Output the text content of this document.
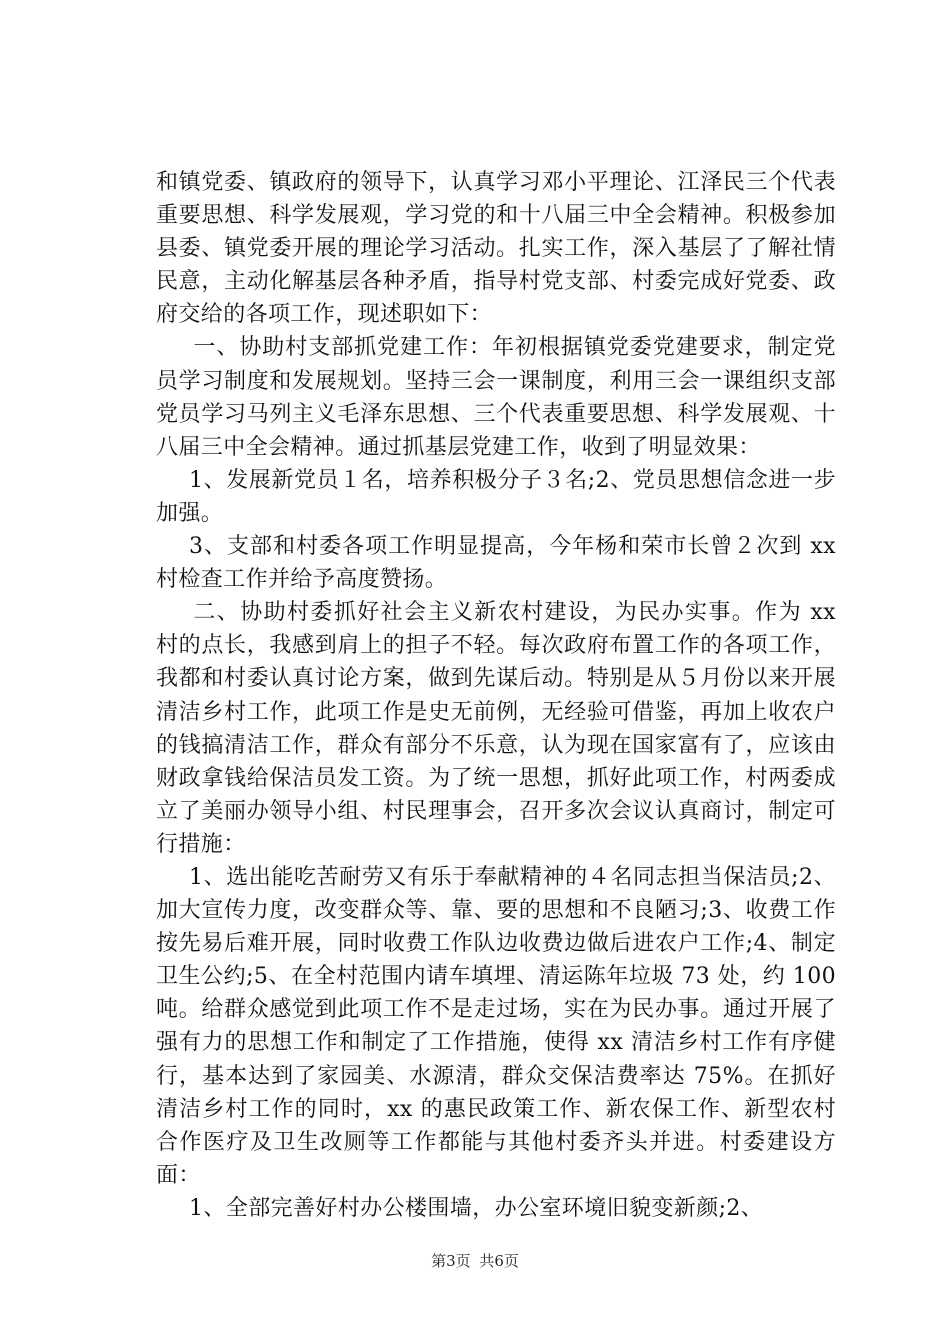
和镇党委、镇政府的领导下，认真学习邓小平理论、江泽民三个代表重要思想、科学发展观，学习党的和十八届三中全会精神。积极参加县委、镇党委开展的理论学习活动。扎实工作，深入基层了了解社情民意，主动化解基层各种矛盾，指导村党支部、村委完成好党委、政府交给的各项工作，现述职如下：

一、协助村支部抓党建工作：年初根据镇党委党建要求，制定党员学习制度和发展规划。坚持三会一课制度，利用三会一课组织支部党员学习马列主义毛泽东思想、三个代表重要思想、科学发展观、十八届三中全会精神。通过抓基层党建工作，收到了明显效果：

1、发展新党员１名，培养积极分子３名;2、党员思想信念进一步加强。

3、支部和村委各项工作明显提高，今年杨和荣市长曾２次到 xx 村检查工作并给予高度赞扬。

二、协助村委抓好社会主义新农村建设，为民办实事。作为 xx 村的点长，我感到肩上的担子不轻。每次政府布置工作的各项工作，我都和村委认真讨论方案，做到先谋后动。特别是从５月份以来开展清洁乡村工作，此项工作是史无前例，无经验可借鉴，再加上收农户的钱搞清洁工作，群众有部分不乐意，认为现在国家富有了，应该由财政拿钱给保洁员发工资。为了统一思想，抓好此项工作，村两委成立了美丽办领导小组、村民理事会，召开多次会议认真商讨，制定可行措施：

1、选出能吃苦耐劳又有乐于奉献精神的４名同志担当保洁员;2、加大宣传力度，改变群众等、靠、要的思想和不良陋习;3、收费工作按先易后难开展，同时收费工作队边收费边做后进农户工作;4、制定卫生公约;5、在全村范围内请车填埋、清运陈年垃圾 73 处，约 100 吨。给群众感觉到此项工作不是走过场，实在为民办事。通过开展了强有力的思想工作和制定了工作措施，使得 xx 清洁乡村工作有序健行，基本达到了家园美、水源清，群众交保洁费率达 75%。在抓好清洁乡村工作的同时，xx 的惠民政策工作、新农保工作、新型农村合作医疗及卫生改厕等工作都能与其他村委齐头并进。村委建设方面：

1、全部完善好村办公楼围墙，办公室环境旧貌变新颜;2、

第3页 共6页
